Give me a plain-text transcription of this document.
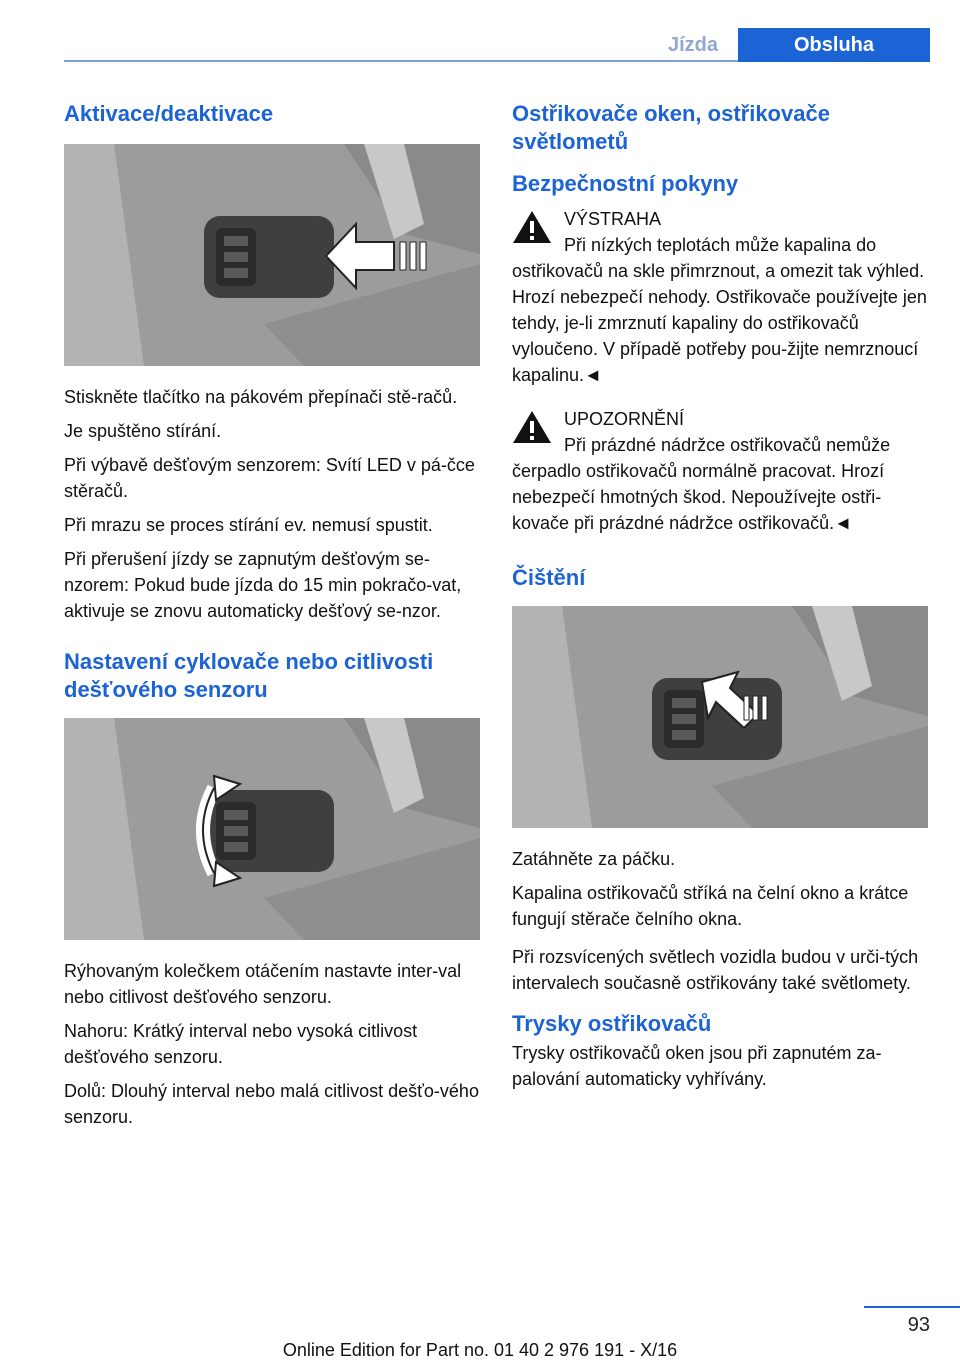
Jízda	Obsluha
Aktivace/deaktivace

Stiskněte tlačítko na pákovém přepínači stě-račů.

Je spuštěno stírání.

Při výbavě dešťovým senzorem: Svítí LED v pá-čce stěračů.

Při mrazu se proces stírání ev. nemusí spustit.

Při přerušení jízdy se zapnutým dešťovým se-nzorem: Pokud bude jízda do 15 min pokračo-vat, aktivuje se znovu automaticky dešťový se-nzor.

Nastavení cyklovače nebo citlivosti dešťového senzoru

Rýhovaným kolečkem otáčením nastavte inter-val nebo citlivost dešťového senzoru.

Nahoru: Krátký interval nebo vysoká citlivost dešťového senzoru.

Dolů: Dlouhý interval nebo malá citlivost dešťo-vého senzoru.

Ostřikovače oken, ostřikovače světlometů
Bezpečnostní pokyny
VÝSTRAHA

Při nízkých teplotách může kapalina do

ostřikovačů na skle přimrznout, a omezit tak výhled. Hrozí nebezpečí nehody. Ostřikovače používejte jen tehdy, je-li zmrznutí kapaliny do ostřikovačů vyloučeno. V případě potřeby pou-žijte nemrznoucí kapalinu.◄

UPOZORNĚNÍ

Při prázdné nádržce ostřikovačů nemůže

čerpadlo ostřikovačů normálně pracovat. Hrozí nebezpečí hmotných škod. Nepoužívejte ostři-kovače při prázdné nádržce ostřikovačů.◄

Čištění

Zatáhněte za páčku.

Kapalina ostřikovačů stříká na čelní okno a krátce fungují stěrače čelního okna.

Při rozsvícených světlech vozidla budou v urči-tých intervalech současně ostřikovány také světlomety.

Trysky ostřikovačů

Trysky ostřikovačů oken jsou při zapnutém za-palování automaticky vyhřívány.

93
Online Edition for Part no. 01 40 2 976 191 - X/16
